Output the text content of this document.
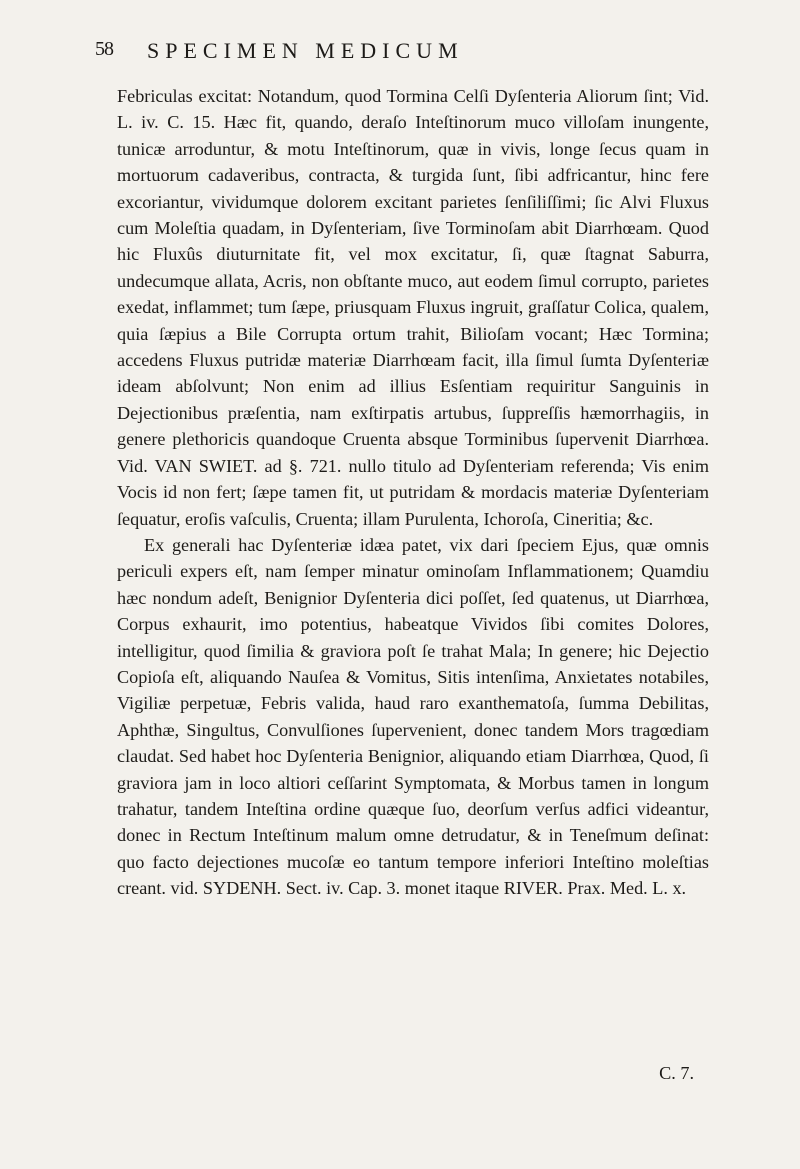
58 SPECIMEN MEDICUM

Febriculas excitat: Notandum, quod Tormina Celſi Dyſenteria Aliorum ſint; Vid. L. iv. C. 15. Hæc fit, quando, deraſo Inteſtinorum muco villoſam inungente, tunicæ arroduntur, & motu Inteſtinorum, quæ in vivis, longe ſecus quam in mortuorum cadaveribus, contracta, & turgida ſunt, ſibi adfricantur, hinc fere excoriantur, vividumque dolorem excitant parietes ſenſiliſſimi; ſic Alvi Fluxus cum Moleſtia quadam, in Dyſenteriam, ſive Torminoſam abit Diarrhœam. Quod hic Fluxûs diuturnitate fit, vel mox excitatur, ſi, quæ ſtagnat Saburra, undecumque allata, Acris, non obſtante muco, aut eodem ſimul corrupto, parietes exedat, inflammet; tum ſæpe, priusquam Fluxus ingruit, graſſatur Colica, qualem, quia ſæpius a Bile Corrupta ortum trahit, Bilioſam vocant; Hæc Tormina; accedens Fluxus putridæ materiæ Diarrhœam facit, illa ſimul ſumta Dyſenteriæ ideam abſolvunt; Non enim ad illius Esſentiam requiritur Sanguinis in Dejectionibus præſentia, nam exſtirpatis artubus, ſuppreſſis hæmorrhagiis, in genere plethoricis quandoque Cruenta absque Torminibus ſupervenit Diarrhœa. Vid. VAN SWIET. ad §. 721. nullo titulo ad Dyſenteriam referenda; Vis enim Vocis id non fert; ſæpe tamen fit, ut putridam & mordacis materiæ Dyſenteriam ſequatur, eroſis vaſculis, Cruenta; illam Purulenta, Ichoroſa, Cineritia; &c.

Ex generali hac Dyſenteriæ idæa patet, vix dari ſpeciem Ejus, quæ omnis periculi expers eſt, nam ſemper minatur ominoſam Inflammationem; Quamdiu hæc nondum adeſt, Benignior Dyſenteria dici poſſet, ſed quatenus, ut Diarrhœa, Corpus exhaurit, imo potentius, habeatque Vividos ſibi comites Dolores, intelligitur, quod ſimilia & graviora poſt ſe trahat Mala; In genere; hic Dejectio Copioſa eſt, aliquando Nauſea & Vomitus, Sitis intenſima, Anxietates notabiles, Vigiliæ perpetuæ, Febris valida, haud raro exanthematoſa, ſumma Debilitas, Aphthæ, Singultus, Convulſiones ſupervenient, donec tandem Mors tragœdiam claudat. Sed habet hoc Dyſenteria Benignior, aliquando etiam Diarrhœa, Quod, ſi graviora jam in loco altiori ceſſarint Symptomata, & Morbus tamen in longum trahatur, tandem Inteſtina ordine quæque ſuo, deorſum verſus adfici videantur, donec in Rectum Inteſtinum malum omne detrudatur, & in Teneſmum deſinat: quo facto dejectiones mucoſæ eo tantum tempore inferiori Inteſtino moleſtias creant. vid. SYDENH. Sect. iv. Cap. 3. monet itaque RIVER. Prax. Med. L. x.

C. 7.
